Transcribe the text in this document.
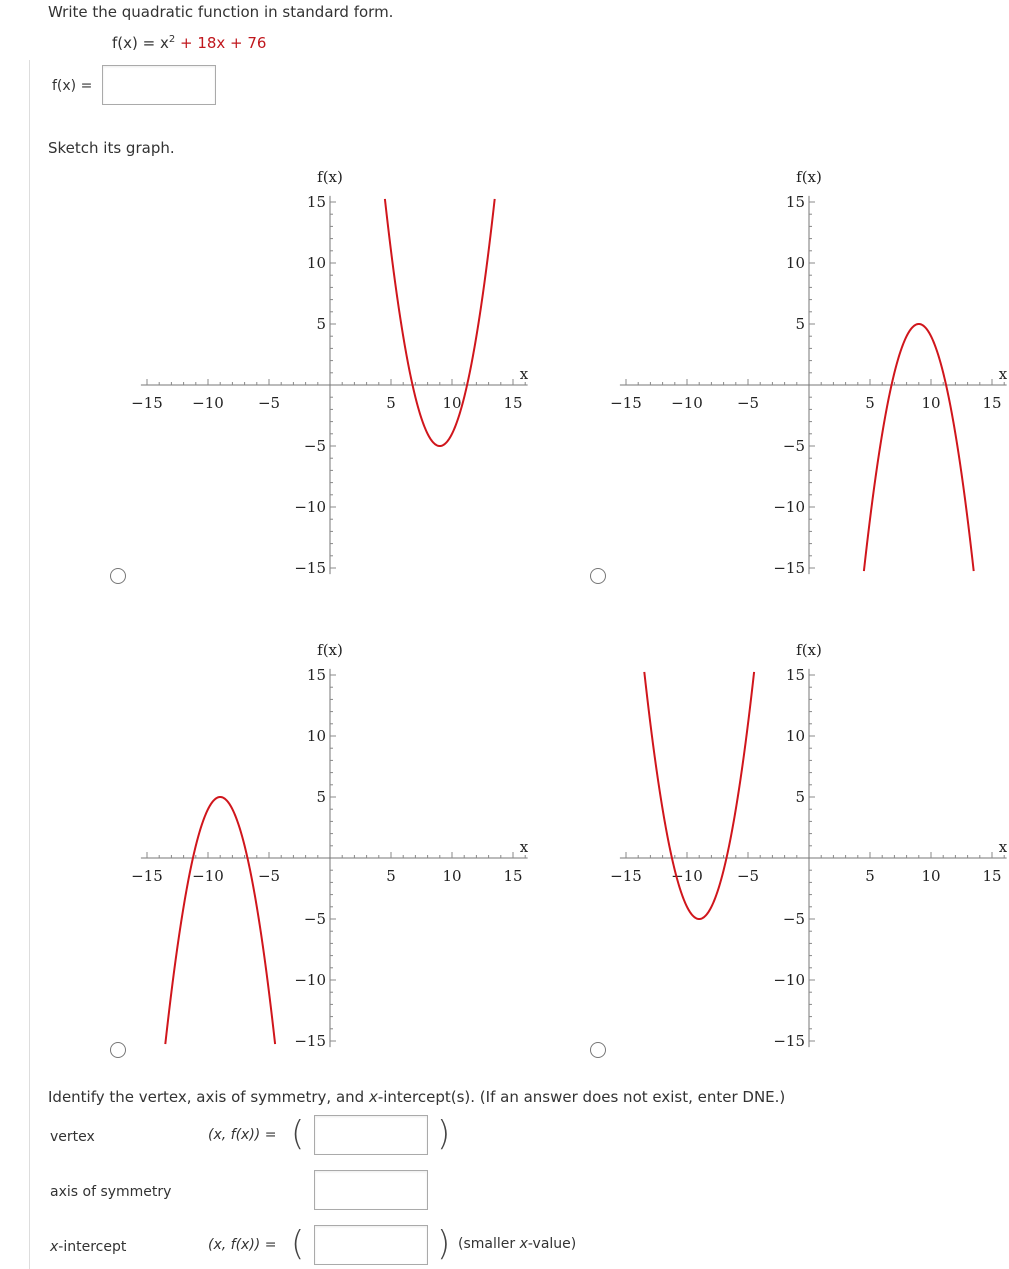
Write the quadratic function in standard form.
$f(x) = x^2 + 18x + 76$
f(x) =
Sketch its graph.
−15 −10 −5	5	10	15
15
10
5
−5
−10
−15
f(x)
x
−15 −10 −5	5	10	15
15
10
5
−5
−10
−15
f(x)
x
−15 −10 −5	5	10	15
15
10
5
−5
−10
−15
f(x)
x
−15 −10 −5	5	10	15
15
10
5
−5
−10
−15
f(x)
x
Identify the vertex, axis of symmetry, and x-intercept(s). (If an answer does not exist, enter DNE.)
vertex	(x, f(x)) = (	)
axis of symmetry
x-intercept	(x, f(x)) = (	) (smaller x-value)
